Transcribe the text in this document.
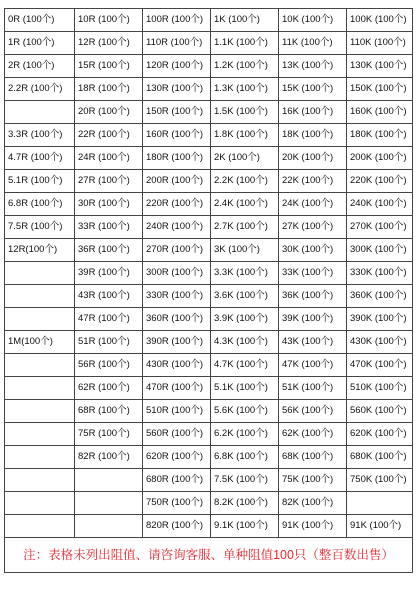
0R (100个)	10R (100个)	100R (100个)	1K (100个)	10K (100个)	100K (100个)
1R (100个)	12R (100个)	110R (100个)	1.1K (100个)	11K (100个)	110K (100个)
2R (100个)	15R (100个)	120R (100个)	1.2K (100个)	13K (100个)	130K (100个)
2.2R (100个)	18R (100个)	130R (100个)	1.3K (100个)	15K (100个)	150K (100个)
	20R (100个)	150R (100个)	1.5K (100个)	16K (100个)	160K (100个)
3.3R (100个)	22R (100个)	160R (100个)	1.8K (100个)	18K (100个)	180K (100个)
4.7R (100个)	24R (100个)	180R (100个)	2K (100个)	20K (100个)	200K (100个)
5.1R (100个)	27R (100个)	200R (100个)	2.2K (100个)	22K (100个)	220K (100个)
6.8R (100个)	30R (100个)	220R (100个)	2.4K (100个)	24K (100个)	240K (100个)
7.5R (100个)	33R (100个)	240R (100个)	2.7K (100个)	27K (100个)	270K (100个)
12R(100个)	36R (100个)	270R (100个)	3K (100个)	30K (100个)	300K (100个)
	39R (100个)	300R (100个)	3.3K (100个)	33K (100个)	330K (100个)
	43R (100个)	330R (100个)	3.6K (100个)	36K (100个)	360K (100个)
	47R (100个)	360R (100个)	3.9K (100个)	39K (100个)	390K (100个)
1M(100个)	51R (100个)	390R (100个)	4.3K (100个)	43K (100个)	430K (100个)
	56R (100个)	430R (100个)	4.7K (100个)	47K (100个)	470K (100个)
	62R (100个)	470R (100个)	5.1K (100个)	51K (100个)	510K (100个)
	68R (100个)	510R (100个)	5.6K (100个)	56K (100个)	560K (100个)
	75R (100个)	560R (100个)	6.2K (100个)	62K (100个)	620K (100个)
	82R (100个)	620R (100个)	6.8K (100个)	68K (100个)	680K (100个)
		680R (100个)	7.5K (100个)	75K (100个)	750K (100个)
		750R (100个)	8.2K (100个)	82K (100个)	
		820R (100个)	9.1K (100个)	91K (100个)	91K (100个)
注：表格未列出阻值、请咨询客服、单种阻值100只（整百数出售）					
